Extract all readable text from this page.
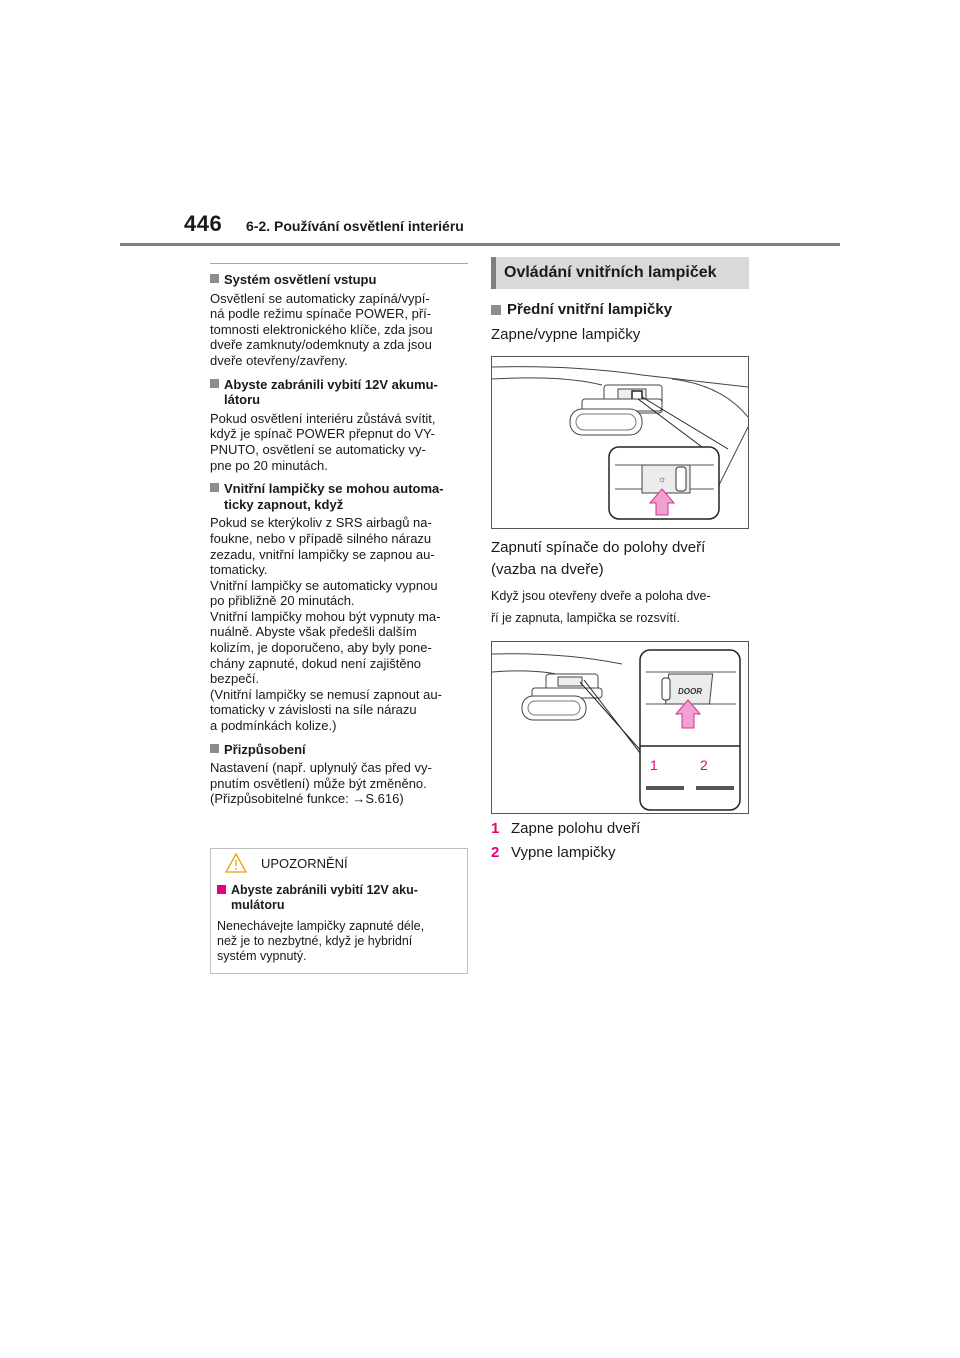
446 6-2. Používání osvětlení interiéru
Systém osvětlení vstupu
Osvětlení se automaticky zapíná/vypí-
ná podle režimu spínače POWER, pří-
tomnosti elektronického klíče, zda jsou
dveře zamknuty/odemknuty a zda jsou
dveře otevřeny/zavřeny.
Abyste zabránili vybití 12V akumu-
látoru
Pokud osvětlení interiéru zůstává svítit,
když je spínač POWER přepnut do VY-
PNUTO, osvětlení se automaticky vy-
pne po 20 minutách.
Vnitřní lampičky se mohou automa-
ticky zapnout, když
Pokud se kterýkoliv z SRS airbagů na-
foukne, nebo v případě silného nárazu
zezadu, vnitřní lampičky se zapnou au-
tomaticky.
Vnitřní lampičky se automaticky vypnou
po přibližně 20 minutách.
Vnitřní lampičky mohou být vypnuty ma-
nuálně. Abyste však předešli dalším
kolizím, je doporučeno, aby byly pone-
chány zapnuté, dokud není zajištěno
bezpečí.
(Vnitřní lampičky se nemusí zapnout au-
tomaticky v závislosti na síle nárazu
a podmínkách kolize.)
Přizpůsobení
Nastavení (např. uplynulý čas před vy-
pnutím osvětlení) může být změněno.
(Přizpůsobitelné funkce: →S.616)
UPOZORNĚNÍ
Abyste zabránili vybití 12V aku-
mulátoru
Nenechávejte lampičky zapnuté déle,
než je to nezbytné, když je hybridní
systém vypnutý.
Ovládání vnitřních lampiček
Přední vnitřní lampičky
Zapne/vypne lampičky
☼
Zapnutí spínače do polohy dveří
(vazba na dveře)
Když jsou otevřeny dveře a poloha dve-
ří je zapnuta, lampička se rozsvítí.
DOOR
1	2
1 Zapne polohu dveří
2 Vypne lampičky
